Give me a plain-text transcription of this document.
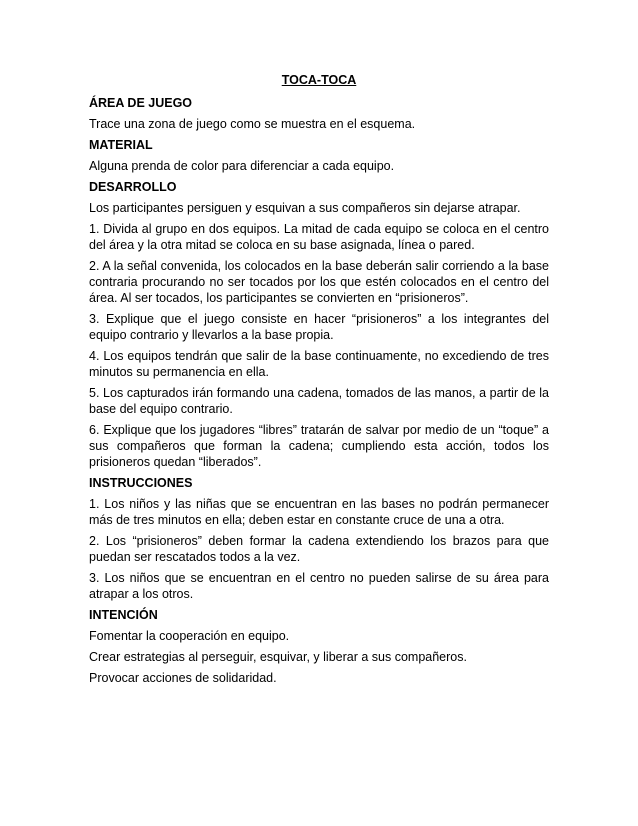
TOCA-TOCA
ÁREA DE JUEGO
Trace una zona de juego como se muestra en el esquema.
MATERIAL
Alguna prenda de color para diferenciar a cada equipo.
DESARROLLO
Los participantes persiguen y esquivan a sus compañeros sin dejarse atrapar.
1. Divida al grupo en dos equipos. La mitad de cada equipo se coloca en el centro del área y la otra mitad se coloca en su base asignada, línea o pared.
2. A la señal convenida, los colocados en la base deberán salir corriendo a la base contraria procurando no ser tocados por los que estén colocados en el centro del área. Al ser tocados, los participantes se convierten en “prisioneros”.
3. Explique que el juego consiste en hacer “prisioneros” a los integrantes del equipo contrario y llevarlos a la base propia.
4. Los equipos tendrán que salir de la base continuamente, no excediendo de tres minutos su permanencia en ella.
5. Los capturados irán formando una cadena, tomados de las manos, a partir de la base del equipo contrario.
6. Explique que los jugadores “libres” tratarán de salvar por medio de un “toque” a sus compañeros que forman la cadena; cumpliendo esta acción, todos los prisioneros quedan “liberados”.
INSTRUCCIONES
1. Los niños y las niñas que se encuentran en las bases no podrán permanecer más de tres minutos en ella; deben estar en constante cruce de una a otra.
2. Los “prisioneros” deben formar la cadena extendiendo los brazos para que puedan ser rescatados todos a la vez.
3. Los niños que se encuentran en el centro no pueden salirse de su área para atrapar a los otros.
INTENCIÓN
Fomentar la cooperación en equipo.
Crear estrategias al perseguir, esquivar, y liberar a sus compañeros.
Provocar acciones de solidaridad.
